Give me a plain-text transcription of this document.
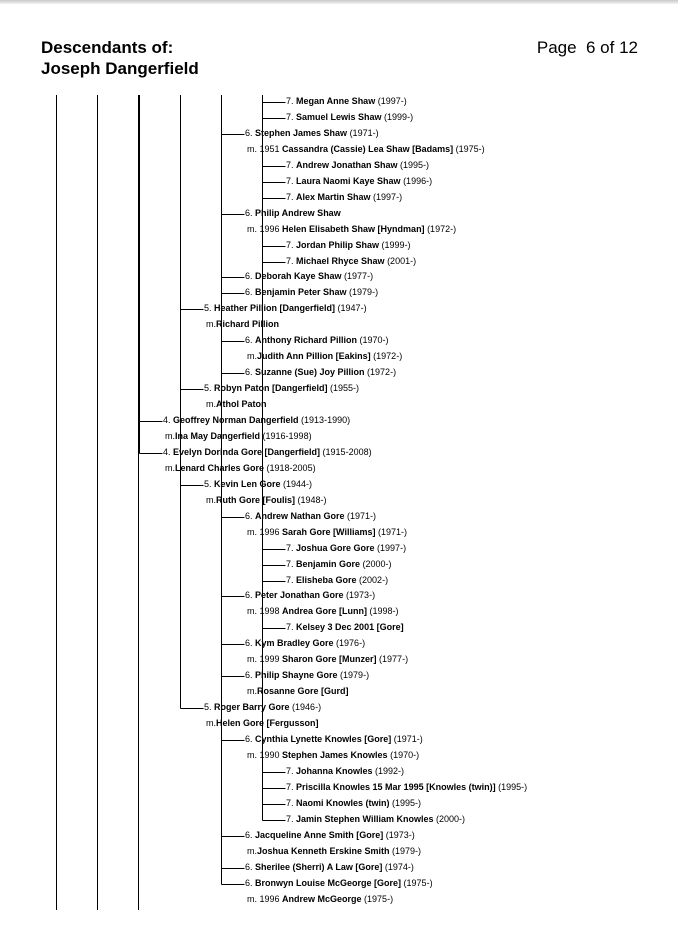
Descendants of:
Joseph Dangerfield
Page  6 of 12
7. Megan Anne Shaw (1997-)
7. Samuel Lewis Shaw (1999-)
6. Stephen James Shaw (1971-)
m. 1951 Cassandra (Cassie) Lea Shaw [Badams] (1975-)
7. Andrew Jonathan Shaw (1995-)
7. Laura Naomi Kaye Shaw (1996-)
7. Alex Martin Shaw (1997-)
6. Philip Andrew Shaw
m. 1996 Helen Elisabeth Shaw [Hyndman] (1972-)
7. Jordan Philip Shaw (1999-)
7. Michael Rhyce Shaw (2001-)
6. Deborah Kaye Shaw (1977-)
6. Benjamin Peter Shaw (1979-)
5. Heather Pillion [Dangerfield] (1947-)
m.Richard Pillion
6. Anthony Richard Pillion (1970-)
m.Judith Ann Pillion [Eakins] (1972-)
6. Suzanne (Sue) Joy Pillion (1972-)
5. Robyn Paton [Dangerfield] (1955-)
m.Athol Paton
4. Geoffrey Norman Dangerfield (1913-1990)
m.Ina May Dangerfield (1916-1998)
4. Evelyn Dorinda Gore [Dangerfield] (1915-2008)
m.Lenard Charles Gore (1918-2005)
5. Kevin Len Gore (1944-)
m.Ruth Gore [Foulis] (1948-)
6. Andrew Nathan Gore (1971-)
m. 1996 Sarah Gore [Williams] (1971-)
7. Joshua Gore Gore (1997-)
7. Benjamin Gore (2000-)
7. Elisheba Gore (2002-)
6. Peter Jonathan Gore (1973-)
m. 1998 Andrea Gore [Lunn] (1998-)
7. Kelsey 3 Dec 2001 [Gore]
6. Kym Bradley Gore (1976-)
m. 1999 Sharon Gore [Munzer] (1977-)
6. Philip Shayne Gore (1979-)
m.Rosanne Gore [Gurd]
5. Roger Barry Gore (1946-)
m.Helen Gore [Fergusson]
6. Cynthia Lynette Knowles [Gore] (1971-)
m. 1990 Stephen James Knowles (1970-)
7. Johanna Knowles (1992-)
7. Priscilla Knowles 15 Mar 1995 [Knowles (twin)] (1995-)
7. Naomi Knowles (twin) (1995-)
7. Jamin Stephen William Knowles (2000-)
6. Jacqueline Anne Smith [Gore] (1973-)
m.Joshua Kenneth Erskine Smith (1979-)
6. Sherilee (Sherri) A Law [Gore] (1974-)
6. Bronwyn Louise McGeorge [Gore] (1975-)
m. 1996 Andrew McGeorge (1975-)
